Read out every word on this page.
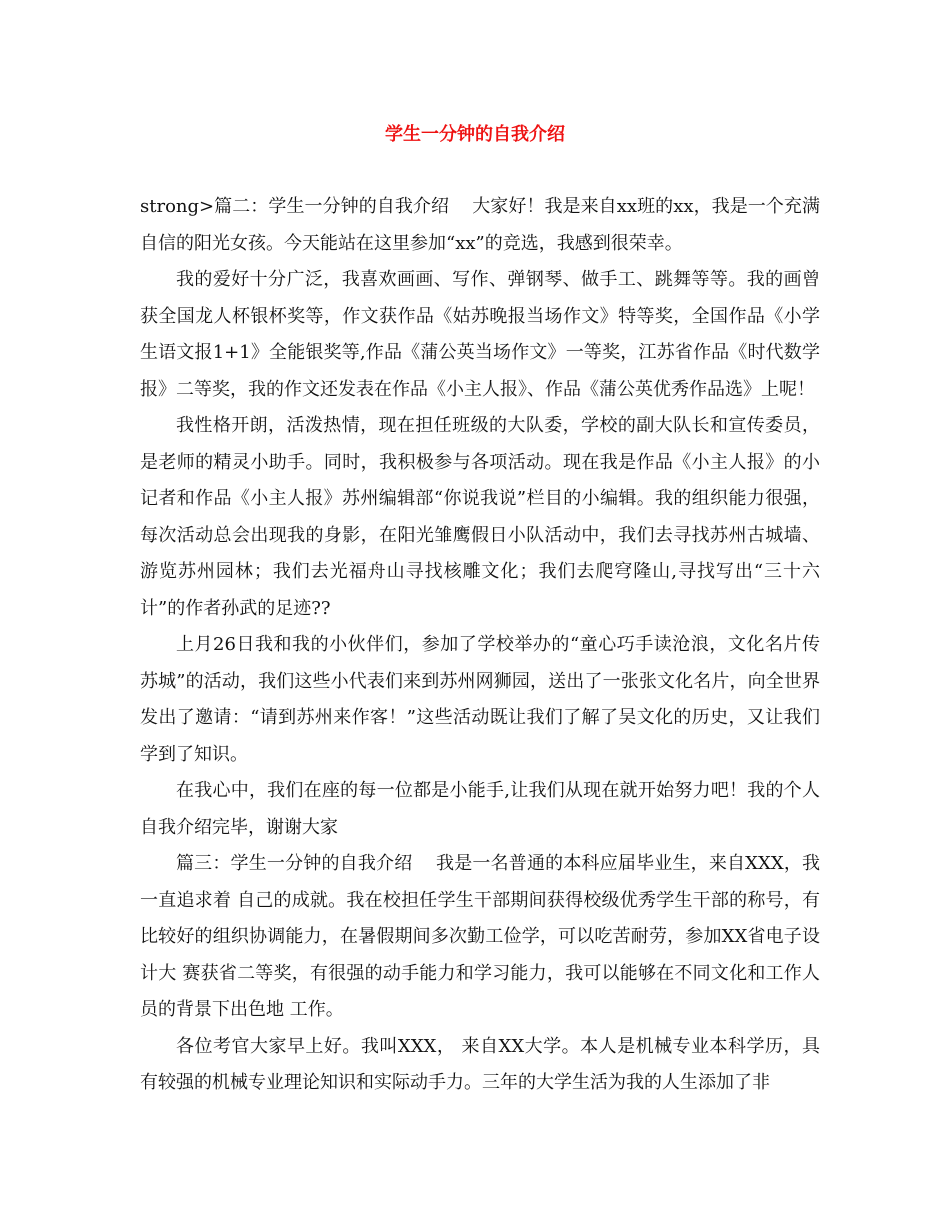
学生一分钟的自我介绍

strong>篇二：学生一分钟的自我介绍    大家好！我是来自xx班的xx，我是一个充满自信的阳光女孩。今天能站在这里参加“xx”的竞选，我感到很荣幸。

我的爱好十分广泛，我喜欢画画、写作、弹钢琴、做手工、跳舞等等。我的画曾获全国龙人杯银杯奖等，作文获作品《姑苏晚报当场作文》特等奖，全国作品《小学生语文报1+1》全能银奖等,作品《蒲公英当场作文》一等奖，江苏省作品《时代数学报》二等奖，我的作文还发表在作品《小主人报》、作品《蒲公英优秀作品选》上呢！

我性格开朗，活泼热情，现在担任班级的大队委，学校的副大队长和宣传委员，是老师的精灵小助手。同时，我积极参与各项活动。现在我是作品《小主人报》的小记者和作品《小主人报》苏州编辑部“你说我说”栏目的小编辑。我的组织能力很强，每次活动总会出现我的身影，在阳光雏鹰假日小队活动中，我们去寻找苏州古城墙、游览苏州园林；我们去光福舟山寻找核雕文化；我们去爬穹隆山,寻找写出“三十六计”的作者孙武的足迹??

上月26日我和我的小伙伴们，参加了学校举办的“童心巧手读沧浪，文化名片传苏城”的活动，我们这些小代表们来到苏州网狮园，送出了一张张文化名片，向全世界发出了邀请：“请到苏州来作客！”这些活动既让我们了解了吴文化的历史，又让我们学到了知识。

在我心中，我们在座的每一位都是小能手,让我们从现在就开始努力吧！我的个人自我介绍完毕，谢谢大家

篇三：学生一分钟的自我介绍    我是一名普通的本科应届毕业生，来自XXX，我一直追求着 自己的成就。我在校担任学生干部期间获得校级优秀学生干部的称号，有比较好的组织协调能力，在暑假期间多次勤工俭学，可以吃苦耐劳，参加XX省电子设计大 赛获省二等奖，有很强的动手能力和学习能力，我可以能够在不同文化和工作人员的背景下出色地 工作。

各位考官大家早上好。我叫XXX， 来自XX大学。本人是机械专业本科学历，具有较强的机械专业理论知识和实际动手力。三年的大学生活为我的人生添加了非
